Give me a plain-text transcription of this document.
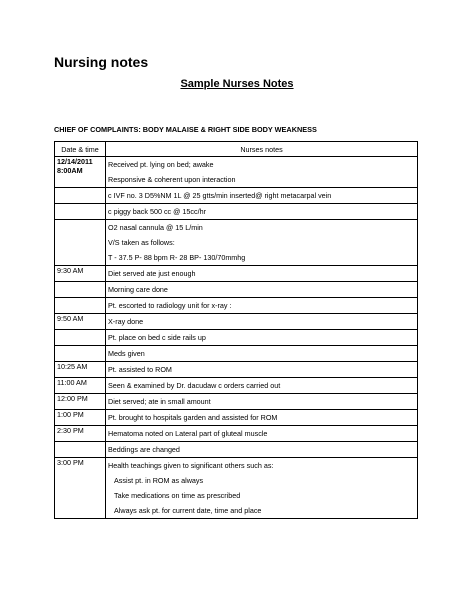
Nursing notes
Sample Nurses Notes

CHIEF OF COMPLAINTS: BODY MALAISE & RIGHT SIDE BODY WEAKNESS

Date & time	Nurses notes

12/14/2011
8:00AM	Received pt. lying on bed; awake
Responsive & coherent upon interaction

	c IVF no. 3 D5%NM 1L @ 25 gtts/min inserted@ right metacarpal vein

	c piggy back 500 cc @ 15cc/hr

	O2 nasal cannula @ 15 L/min
V/S taken as follows:
T - 37.5 P- 88 bpm R- 28 BP- 130/70mmhg

9:30 AM	Diet served ate just enough

	Morning care done

	Pt. escorted to radiology unit for x-ray :

9:50 AM	X-ray done

	Pt. place on bed c side rails up

	Meds given

10:25 AM	Pt. assisted to ROM

11:00 AM	Seen & examined by Dr. dacudaw c orders carried out

12:00 PM	Diet served; ate in small amount

1:00 PM	Pt. brought to hospitals garden and assisted for ROM

2:30 PM	Hematoma noted on Lateral part of gluteal muscle

	Beddings are changed

3:00 PM	Health teachings given to significant others such as:
Assist pt. in ROM as always
Take medications on time as prescribed
Always ask pt. for current date, time and place
